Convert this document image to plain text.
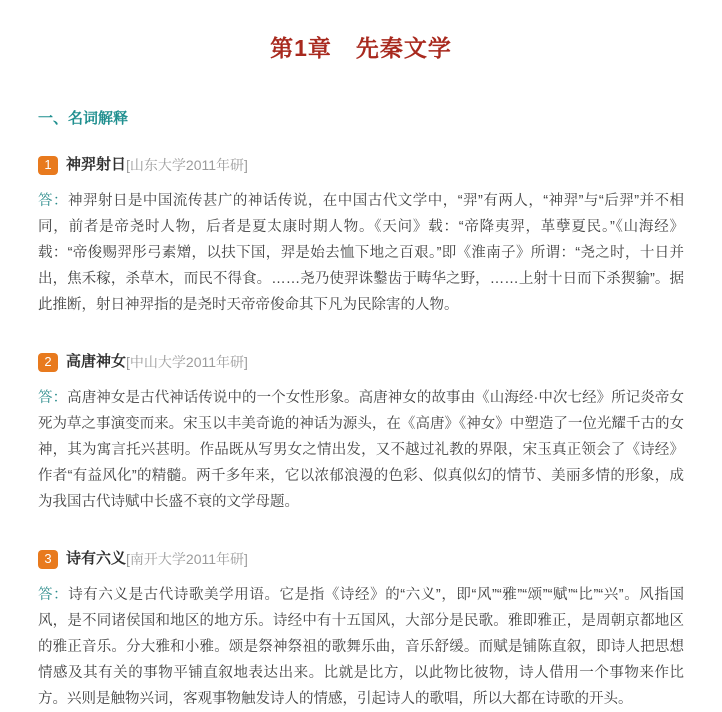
第1章　先秦文学
一、名词解释
1 神羿射日 [山东大学2011年研]

答：神羿射日是中国流传甚广的神话传说，在中国古代文学中，“羿”有两人，“神羿”与“后羿”并不相同，前者是帝尧时人物，后者是夏太康时期人物。《天问》载：“帝降夷羿，革孽夏民。”《山海经》载：“帝俊赐羿彤弓素矰，以扶下国，羿是始去恤下地之百艰。”即《淮南子》所谓：“尧之时，十日并出，焦禾稼，杀草木，而民不得食。……尧乃使羿诛鑿齿于畴华之野，……上射十日而下杀猰貐”。据此推断，射日神羿指的是尧时天帝帝俊命其下凡为民除害的人物。

2 高唐神女 [中山大学2011年研]

答：高唐神女是古代神话传说中的一个女性形象。高唐神女的故事由《山海经·中次七经》所记炎帝女死为草之事演变而来。宋玉以丰美奇诡的神话为源头，在《高唐》《神女》中塑造了一位光耀千古的女神，其为寓言托兴甚明。作品既从写男女之情出发，又不越过礼教的界限，宋玉真正领会了《诗经》作者“有益风化”的精髓。两千多年来，它以浓郁浪漫的色彩、似真似幻的情节、美丽多情的形象，成为我国古代诗赋中长盛不衰的文学母题。

3 诗有六义 [南开大学2011年研]

答：诗有六义是古代诗歌美学用语。它是指《诗经》的“六义”，即“风”“雅”“颂”“赋”“比”“兴”。风指国风，是不同诸侯国和地区的地方乐。诗经中有十五国风，大部分是民歌。雅即雅正，是周朝京都地区的雅正音乐。分大雅和小雅。颂是祭神祭祖的歌舞乐曲，音乐舒缓。而赋是铺陈直叙，即诗人把思想情感及其有关的事物平铺直叙地表达出来。比就是比方，以此物比彼物，诗人借用一个事物来作比方。兴则是触物兴词，客观事物触发诗人的情感，引起诗人的歌唱，所以大都在诗歌的开头。
